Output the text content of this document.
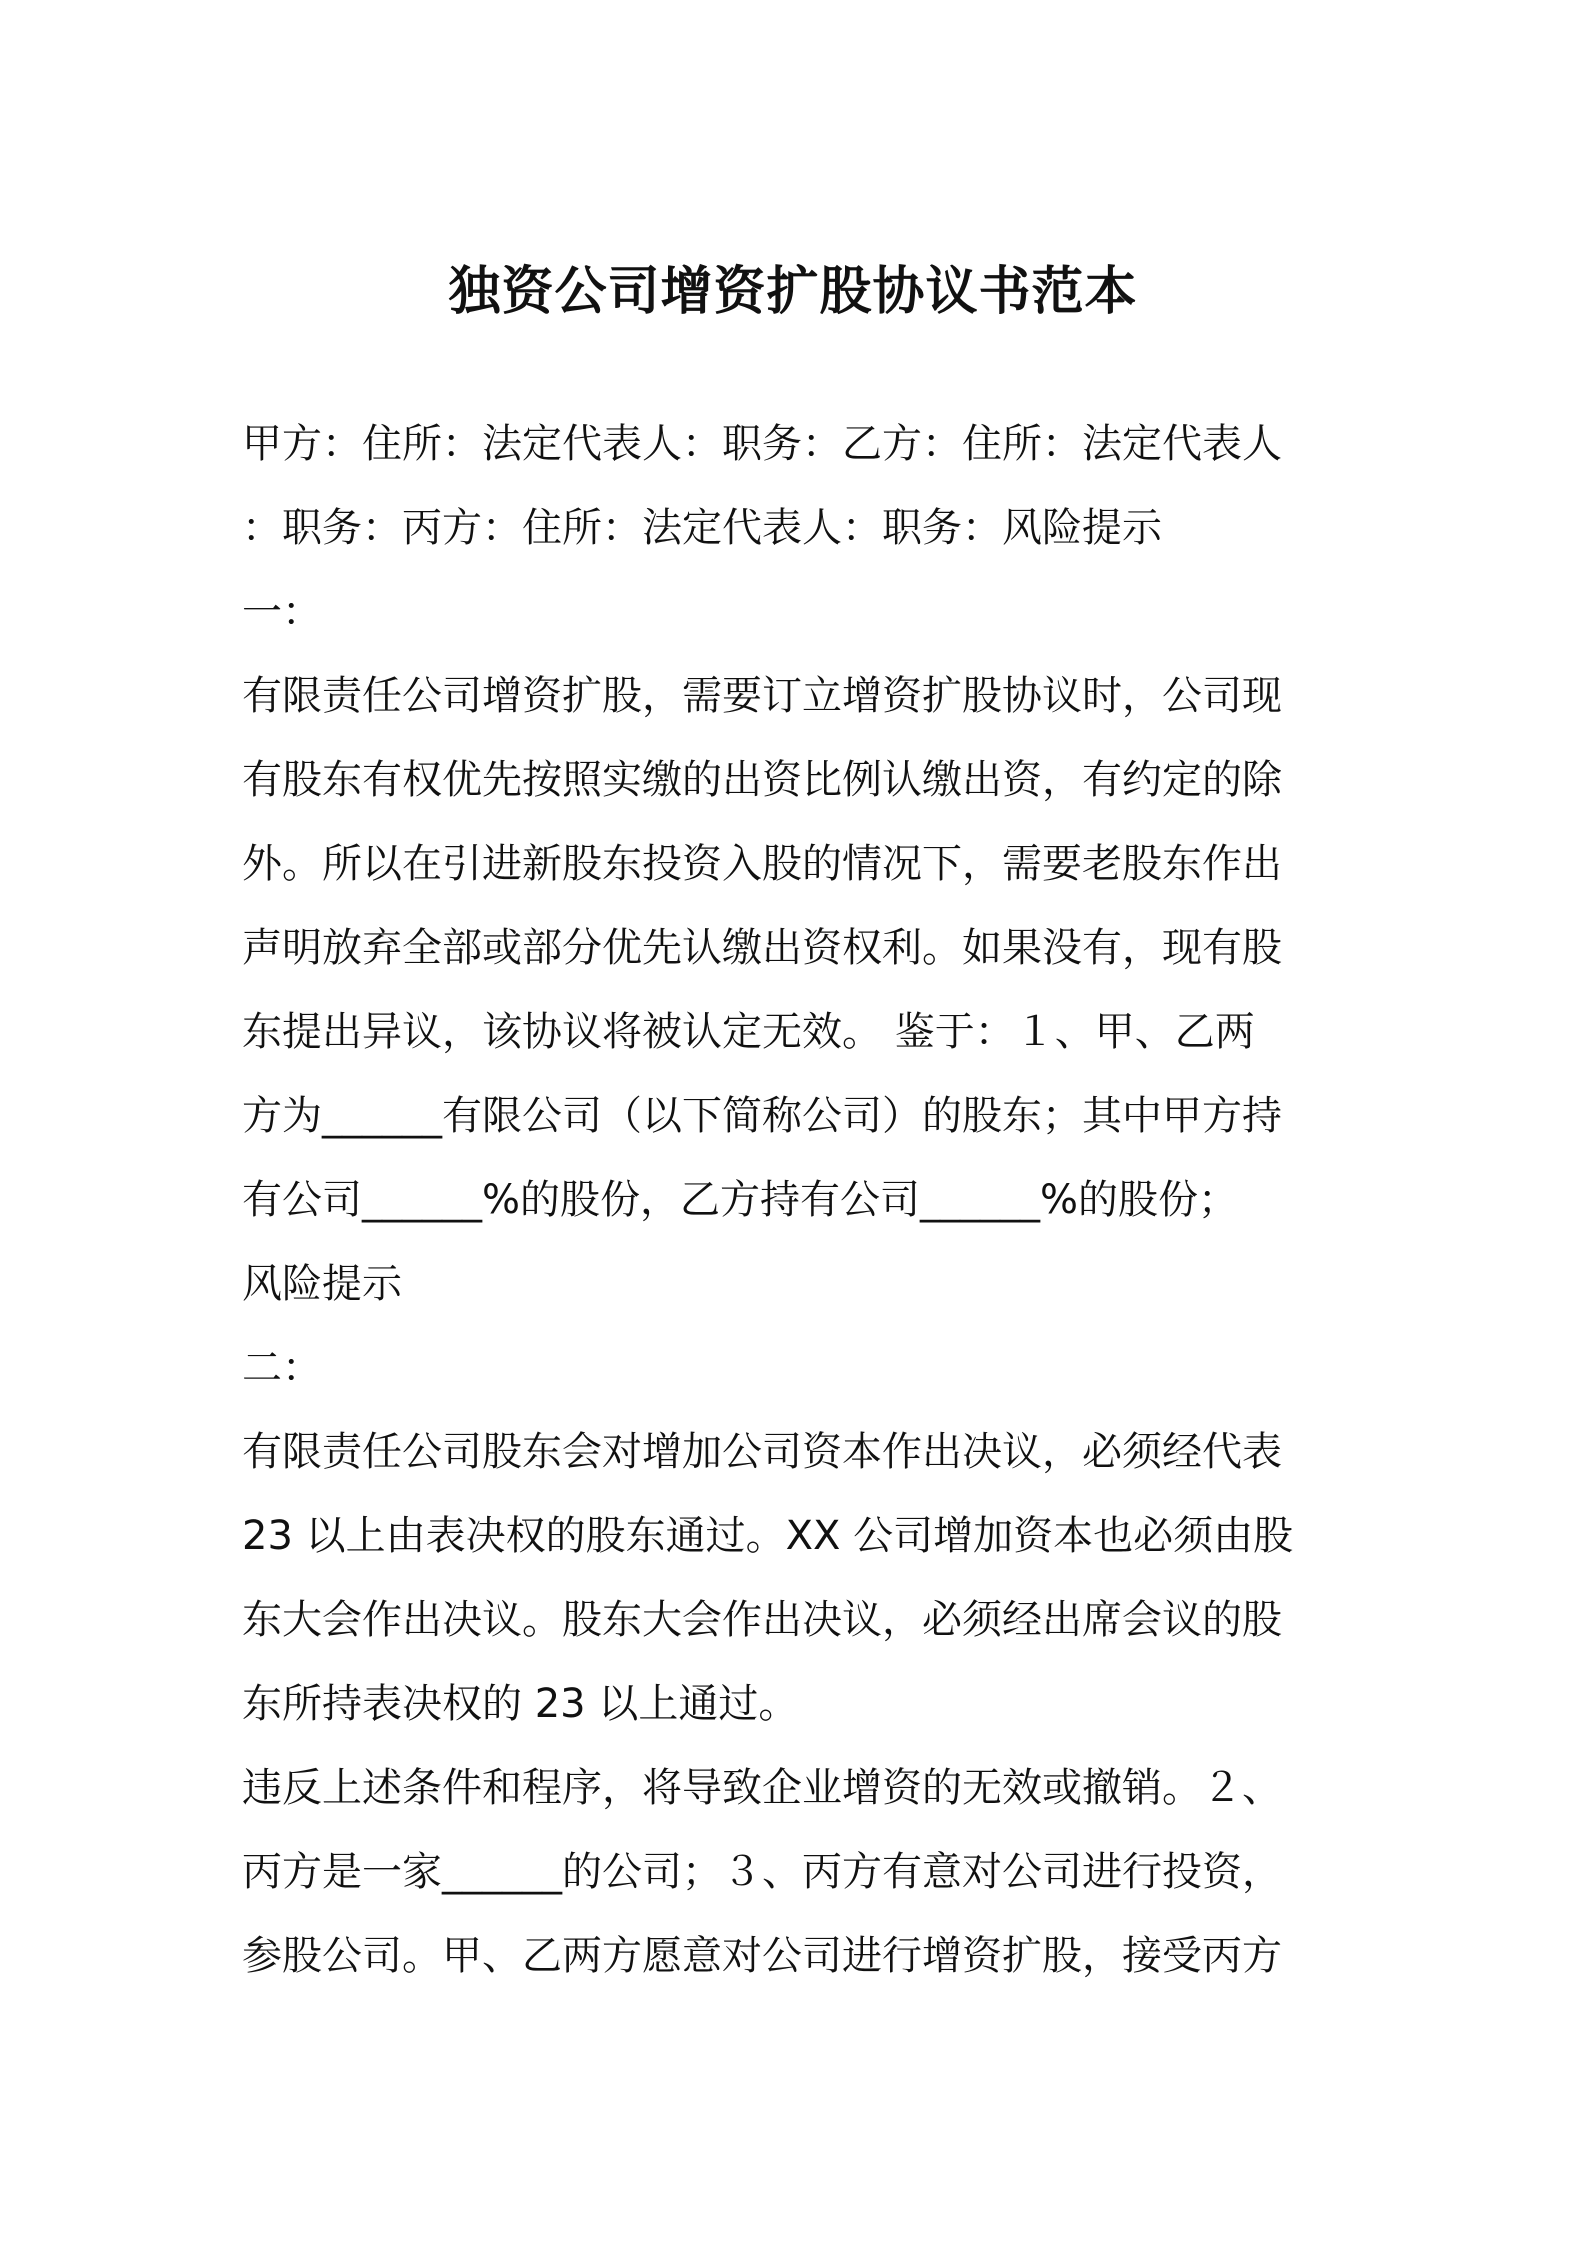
独资公司增资扩股协议书范本

甲方：住所：法定代表人：职务：乙方：住所：法定代表人

：职务：丙方：住所：法定代表人：职务：风险提示

一：

有限责任公司增资扩股，需要订立增资扩股协议时，公司现

有股东有权优先按照实缴的出资比例认缴出资，有约定的除

外。所以在引进新股东投资入股的情况下，需要老股东作出

声明放弃全部或部分优先认缴出资权利。如果没有，现有股

东提出异议，该协议将被认定无效。 鉴于：１、甲、乙两

方为______有限公司（以下简称公司）的股东；其中甲方持

有公司______%的股份，乙方持有公司______%的股份；

风险提示

二：

有限责任公司股东会对增加公司资本作出决议，必须经代表

23 以上由表决权的股东通过。XX 公司增加资本也必须由股

东大会作出决议。股东大会作出决议，必须经出席会议的股

东所持表决权的 23 以上通过。

违反上述条件和程序，将导致企业增资的无效或撤销。２、

丙方是一家______的公司；３、丙方有意对公司进行投资，

参股公司。甲、乙两方愿意对公司进行增资扩股，接受丙方
